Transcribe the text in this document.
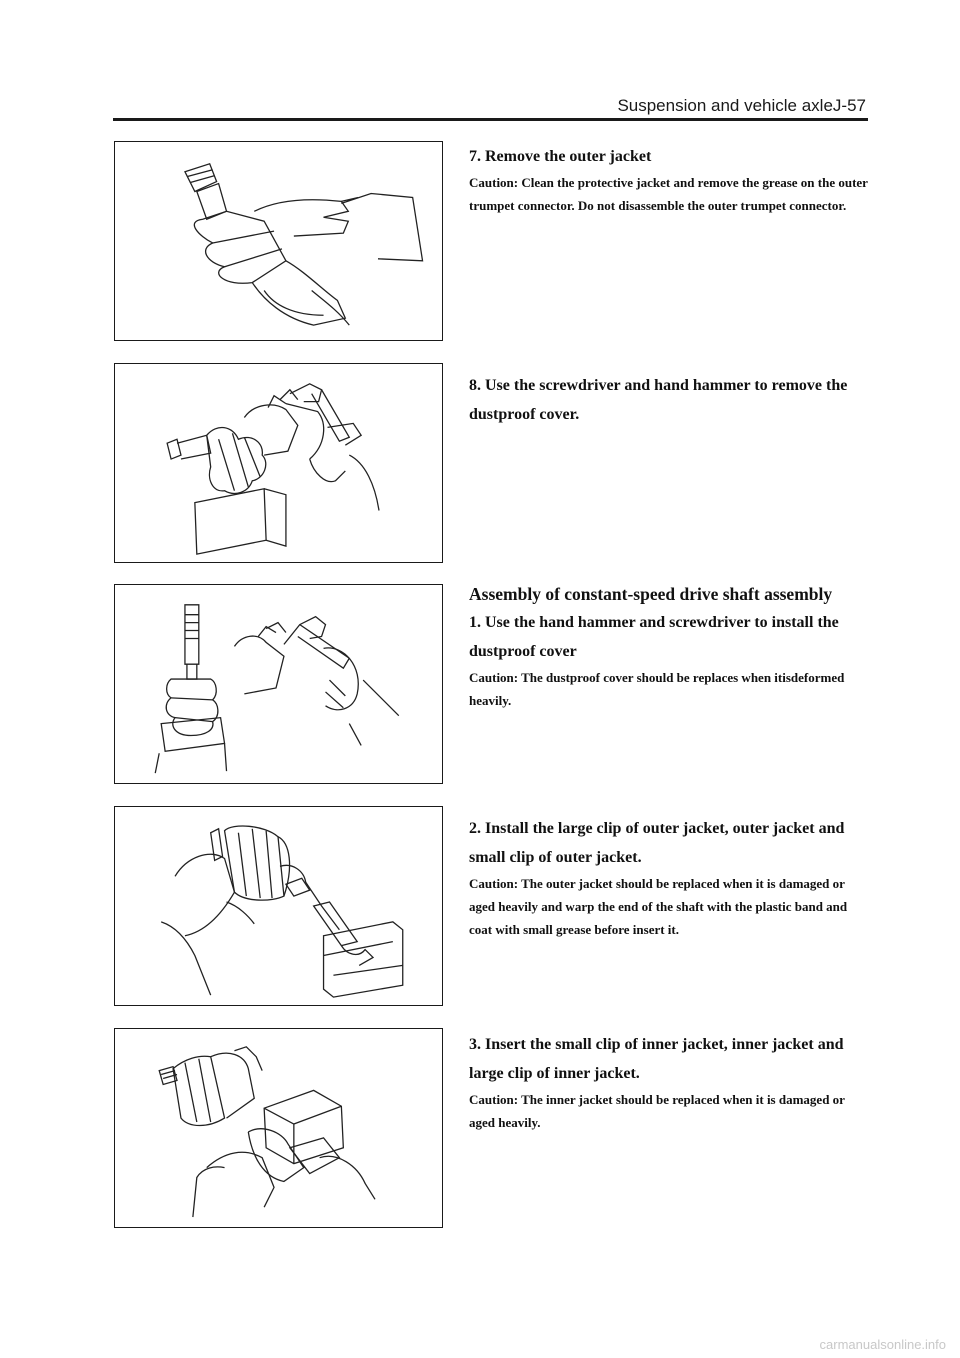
Suspension and vehicle axleJ-57

7. Remove the outer jacket

Caution: Clean the protective jacket and remove the grease on the outer trumpet connector. Do not disassemble the outer trumpet connector.

8. Use the screwdriver and hand hammer to remove the dustproof cover.

Assembly of constant-speed drive shaft assembly

1. Use the hand hammer and screwdriver to install the dustproof cover

Caution: The dustproof cover should be replaces when itisdeformed heavily.

2. Install the large clip of outer jacket, outer jacket and small clip of outer jacket.

Caution: The outer jacket should be replaced when it is damaged or aged heavily and warp the end of the shaft with the plastic band and coat with small grease before insert it.

3. Insert the small clip of inner jacket, inner jacket and large clip of inner jacket.

Caution: The inner jacket should be replaced when it is damaged or aged heavily.

carmanualsonline.info
